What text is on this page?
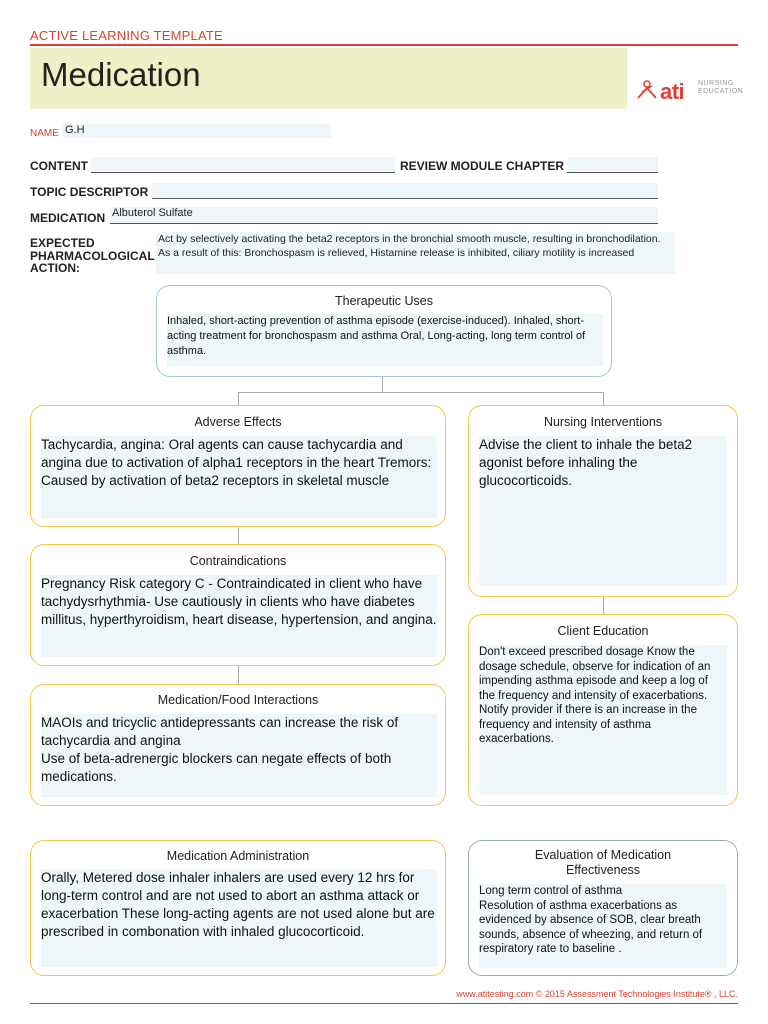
ACTIVE LEARNING TEMPLATE
Medication	ati NURSING EDUCATION
NAME G.H
CONTENT	REVIEW MODULE CHAPTER
TOPIC DESCRIPTOR
MEDICATION Albuterol Sulfate
EXPECTED
PHARMACOLOGICAL
ACTION:
Act by selectively activating the beta2 receptors in the bronchial smooth muscle, resulting in bronchodilation. As a result of this: Bronchospasm is relieved, Histamine release is inhibited, ciliary motility is increased
Therapeutic Uses
Inhaled, short-acting prevention of asthma episode (exercise-induced). Inhaled, short-acting treatment for bronchospasm and asthma Oral, Long-acting, long term control of asthma.
Adverse Effects
Tachycardia, angina: Oral agents can cause tachycardia and angina due to activation of alpha1 receptors in the heart Tremors: Caused by activation of beta2 receptors in skeletal muscle
Nursing Interventions
Advise the client to inhale the beta2 agonist before inhaling the glucocorticoids.
Contraindications
Pregnancy Risk category C - Contraindicated in client who have tachydysrhythmia- Use cautiously in clients who have diabetes millitus, hyperthyroidism, heart disease, hypertension, and angina.
Client Education
Don't exceed prescribed dosage Know the dosage schedule, observe for indication of an impending asthma episode and keep a log of the frequency and intensity of exacerbations. Notify provider if there is an increase in the frequency and intensity of asthma exacerbations.
Medication/Food Interactions
MAOIs and tricyclic antidepressants can increase the risk of tachycardia and angina
Use of beta-adrenergic blockers can negate effects of both medications.
Medication Administration
Orally, Metered dose inhaler inhalers are used every 12 hrs for long-term control and are not used to abort an asthma attack or exacerbation These long-acting agents are not used alone but are prescribed in combonation with inhaled glucocorticoid.
Evaluation of Medication
Effectiveness
Long term control of asthma
Resolution of asthma exacerbations as evidenced by absence of SOB, clear breath sounds, absence of wheezing, and return of respiratory rate to baseline .
www.atitesting.com © 2015 Assessment Technologies Institute® , LLC.
